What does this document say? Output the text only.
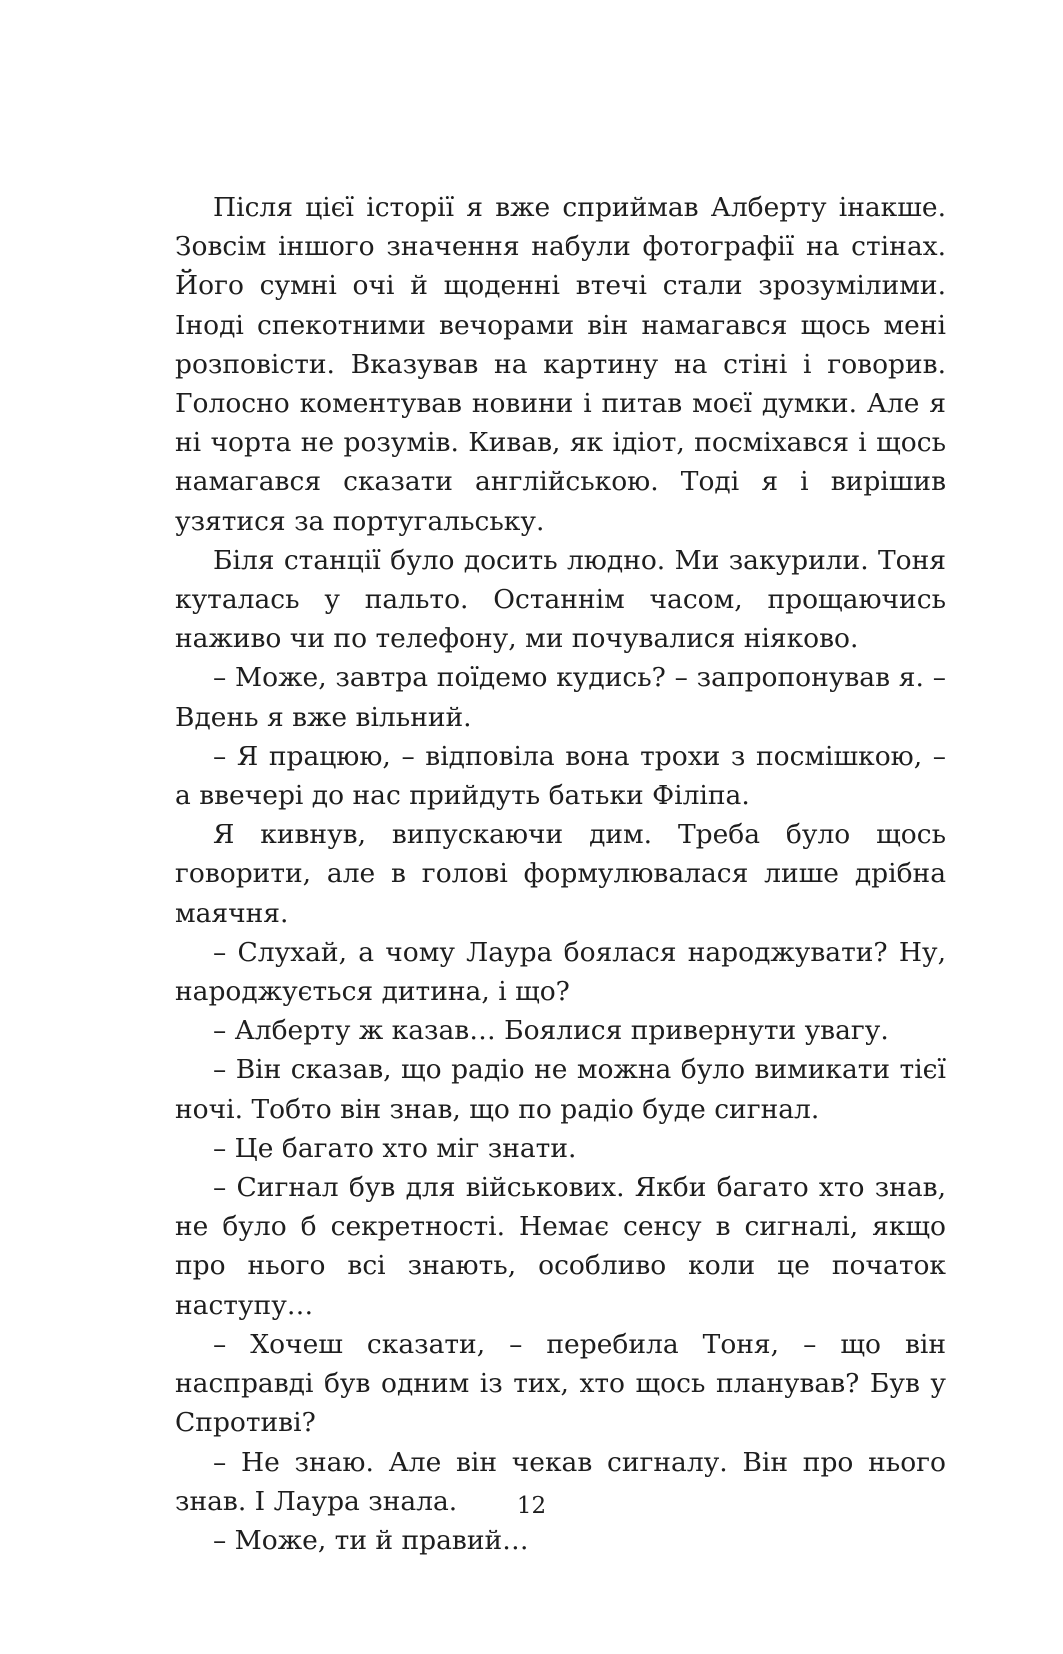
Після цієї історії я вже сприймав Алберту інакше. Зовсім іншого значення набули фотографії на стінах. Його сумні очі й щоденні втечі стали зрозумілими. Іноді спекотними вечорами він намагався щось мені розповісти. Вказував на картину на стіні і говорив. Голосно коментував новини і питав моєї думки. Але я ні чорта не розумів. Кивав, як ідіот, посміхався і щось намагався сказати англійською. Тоді я і вирішив узятися за португальську.

Біля станції було досить людно. Ми закурили. Тоня куталась у пальто. Останнім часом, прощаючись наживо чи по телефону, ми почувалися ніяково.

– Може, завтра поїдемо кудись? – запропонував я. – Вдень я вже вільний.

– Я працюю, – відповіла вона трохи з посмішкою, – а ввечері до нас прийдуть батьки Філіпа.

Я кивнув, випускаючи дим. Треба було щось говорити, але в голові формулювалася лише дрібна маячня.

– Слухай, а чому Лаура боялася народжувати? Ну, народжується дитина, і що?

– Алберту ж казав… Боялися привернути увагу.

– Він сказав, що радіо не можна було вимикати тієї ночі. Тобто він знав, що по радіо буде сигнал.

– Це багато хто міг знати.

– Сигнал був для військових. Якби багато хто знав, не було б секретності. Немає сенсу в сигналі, якщо про нього всі знають, особливо коли це початок наступу…

– Хочеш сказати, – перебила Тоня, – що він насправді був одним із тих, хто щось планував? Був у Спротиві?

– Не знаю. Але він чекав сигналу. Він про нього знав. І Лаура знала.

– Може, ти й правий…

12
